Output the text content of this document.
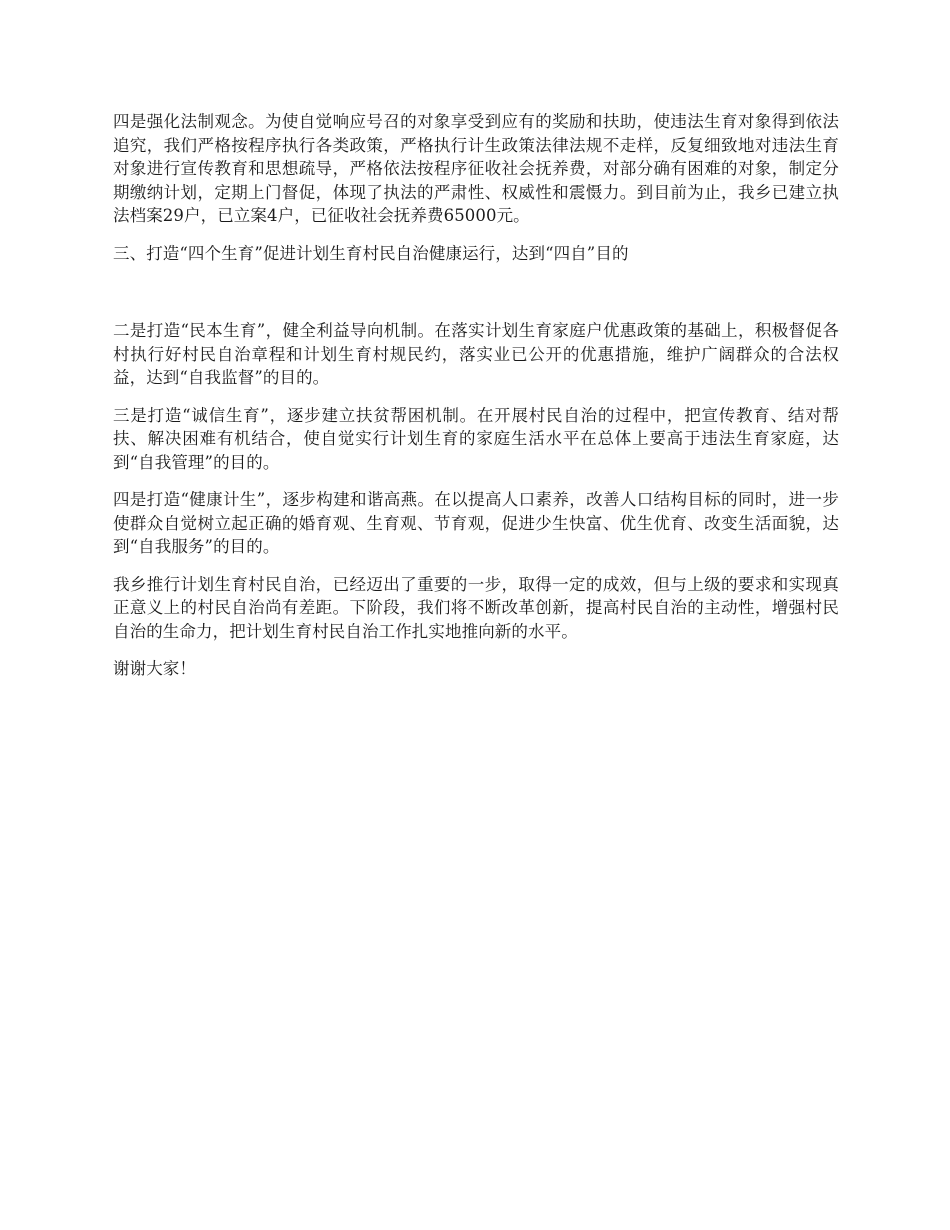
四是强化法制观念。为使自觉响应号召的对象享受到应有的奖励和扶助，使违法生育对象得到依法追究，我们严格按程序执行各类政策，严格执行计生政策法律法规不走样，反复细致地对违法生育对象进行宣传教育和思想疏导，严格依法按程序征收社会抚养费，对部分确有困难的对象，制定分期缴纳计划，定期上门督促，体现了执法的严肃性、权威性和震慑力。到目前为止，我乡已建立执法档案29户，已立案4户，已征收社会抚养费65000元。

三、打造“四个生育”促进计划生育村民自治健康运行，达到“四自”目的

二是打造“民本生育”，健全利益导向机制。在落实计划生育家庭户优惠政策的基础上，积极督促各村执行好村民自治章程和计划生育村规民约，落实业已公开的优惠措施，维护广阔群众的合法权益，达到“自我监督”的目的。

三是打造“诚信生育”，逐步建立扶贫帮困机制。在开展村民自治的过程中，把宣传教育、结对帮扶、解决困难有机结合，使自觉实行计划生育的家庭生活水平在总体上要高于违法生育家庭，达到“自我管理”的目的。

四是打造“健康计生”，逐步构建和谐高燕。在以提高人口素养，改善人口结构目标的同时，进一步使群众自觉树立起正确的婚育观、生育观、节育观，促进少生快富、优生优育、改变生活面貌，达到“自我服务”的目的。

我乡推行计划生育村民自治，已经迈出了重要的一步，取得一定的成效，但与上级的要求和实现真正意义上的村民自治尚有差距。下阶段，我们将不断改革创新，提高村民自治的主动性，增强村民自治的生命力，把计划生育村民自治工作扎实地推向新的水平。

谢谢大家！
